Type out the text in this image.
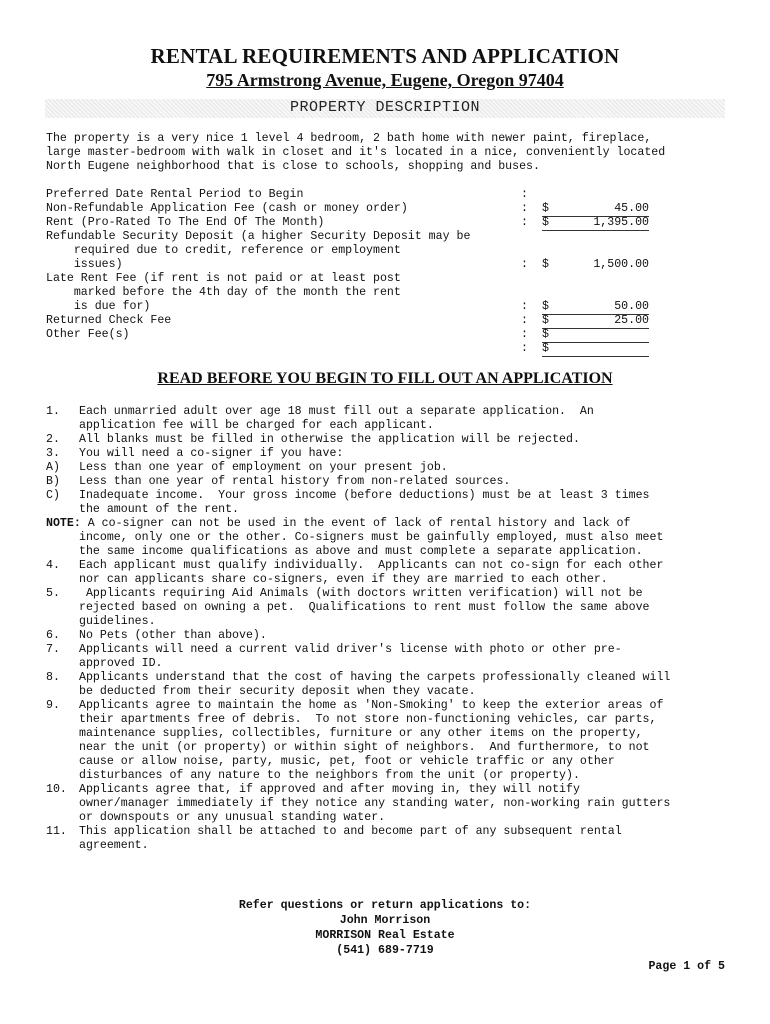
RENTAL REQUIREMENTS AND APPLICATION
795 Armstrong Avenue, Eugene, Oregon 97404
PROPERTY DESCRIPTION
The property is a very nice 1 level 4 bedroom, 2 bath home with newer paint, fireplace,
large master-bedroom with walk in closet and it's located in a nice, conveniently located
North Eugene neighborhood that is close to schools, shopping and buses.
Preferred Date Rental Period to Begin	:
Non-Refundable Application Fee (cash or money order)	: $	45.00
Rent (Pro-Rated To The End Of The Month)	: $	1,395.00
Refundable Security Deposit (a higher Security Deposit may be
required due to credit, reference or employment
issues)	: $	1,500.00
Late Rent Fee (if rent is not paid or at least post
marked before the 4th day of the month the rent
is due for)	: $	50.00
Returned Check Fee	: $	25.00
Other Fee(s)	: $
: $
READ BEFORE YOU BEGIN TO FILL OUT AN APPLICATION
1. Each unmarried adult over age 18 must fill out a separate application.  An
application fee will be charged for each applicant.
2. All blanks must be filled in otherwise the application will be rejected.
3. You will need a co-signer if you have:
A) Less than one year of employment on your present job.
B) Less than one year of rental history from non-related sources.
C) Inadequate income.  Your gross income (before deductions) must be at least 3 times
the amount of the rent.
NOTE: A co-signer can not be used in the event of lack of rental history and lack of
income, only one or the other. Co-signers must be gainfully employed, must also meet
the same income qualifications as above and must complete a separate application.
4. Each applicant must qualify individually.  Applicants can not co-sign for each other
nor can applicants share co-signers, even if they are married to each other.
5. Applicants requiring Aid Animals (with doctors written verification) will not be
rejected based on owning a pet.  Qualifications to rent must follow the same above
guidelines.
6. No Pets (other than above).
7. Applicants will need a current valid driver's license with photo or other pre-
approved ID.
8. Applicants understand that the cost of having the carpets professionally cleaned will
be deducted from their security deposit when they vacate.
9. Applicants agree to maintain the home as 'Non-Smoking' to keep the exterior areas of
their apartments free of debris.  To not store non-functioning vehicles, car parts,
maintenance supplies, collectibles, furniture or any other items on the property,
near the unit (or property) or within sight of neighbors.  And furthermore, to not
cause or allow noise, party, music, pet, foot or vehicle traffic or any other
disturbances of any nature to the neighbors from the unit (or property).
10. Applicants agree that, if approved and after moving in, they will notify
owner/manager immediately if they notice any standing water, non-working rain gutters
or downspouts or any unusual standing water.
11. This application shall be attached to and become part of any subsequent rental
agreement.
Refer questions or return applications to:
John Morrison
MORRISON Real Estate
(541) 689-7719
Page 1 of 5
